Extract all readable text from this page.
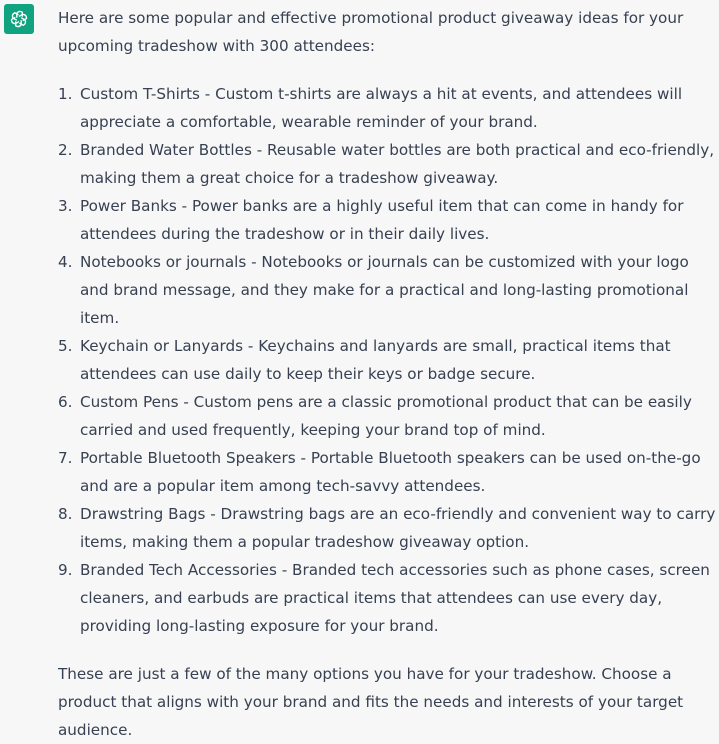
Here are some popular and effective promotional product giveaway ideas for your upcoming tradeshow with 300 attendees:

1. Custom T-Shirts - Custom t-shirts are always a hit at events, and attendees will appreciate a comfortable, wearable reminder of your brand.
2. Branded Water Bottles - Reusable water bottles are both practical and eco-friendly, making them a great choice for a tradeshow giveaway.
3. Power Banks - Power banks are a highly useful item that can come in handy for attendees during the tradeshow or in their daily lives.
4. Notebooks or journals - Notebooks or journals can be customized with your logo and brand message, and they make for a practical and long-lasting promotional item.
5. Keychain or Lanyards - Keychains and lanyards are small, practical items that attendees can use daily to keep their keys or badge secure.
6. Custom Pens - Custom pens are a classic promotional product that can be easily carried and used frequently, keeping your brand top of mind.
7. Portable Bluetooth Speakers - Portable Bluetooth speakers can be used on-the-go and are a popular item among tech-savvy attendees.
8. Drawstring Bags - Drawstring bags are an eco-friendly and convenient way to carry items, making them a popular tradeshow giveaway option.
9. Branded Tech Accessories - Branded tech accessories such as phone cases, screen cleaners, and earbuds are practical items that attendees can use every day, providing long-lasting exposure for your brand.

These are just a few of the many options you have for your tradeshow. Choose a product that aligns with your brand and fits the needs and interests of your target audience.
